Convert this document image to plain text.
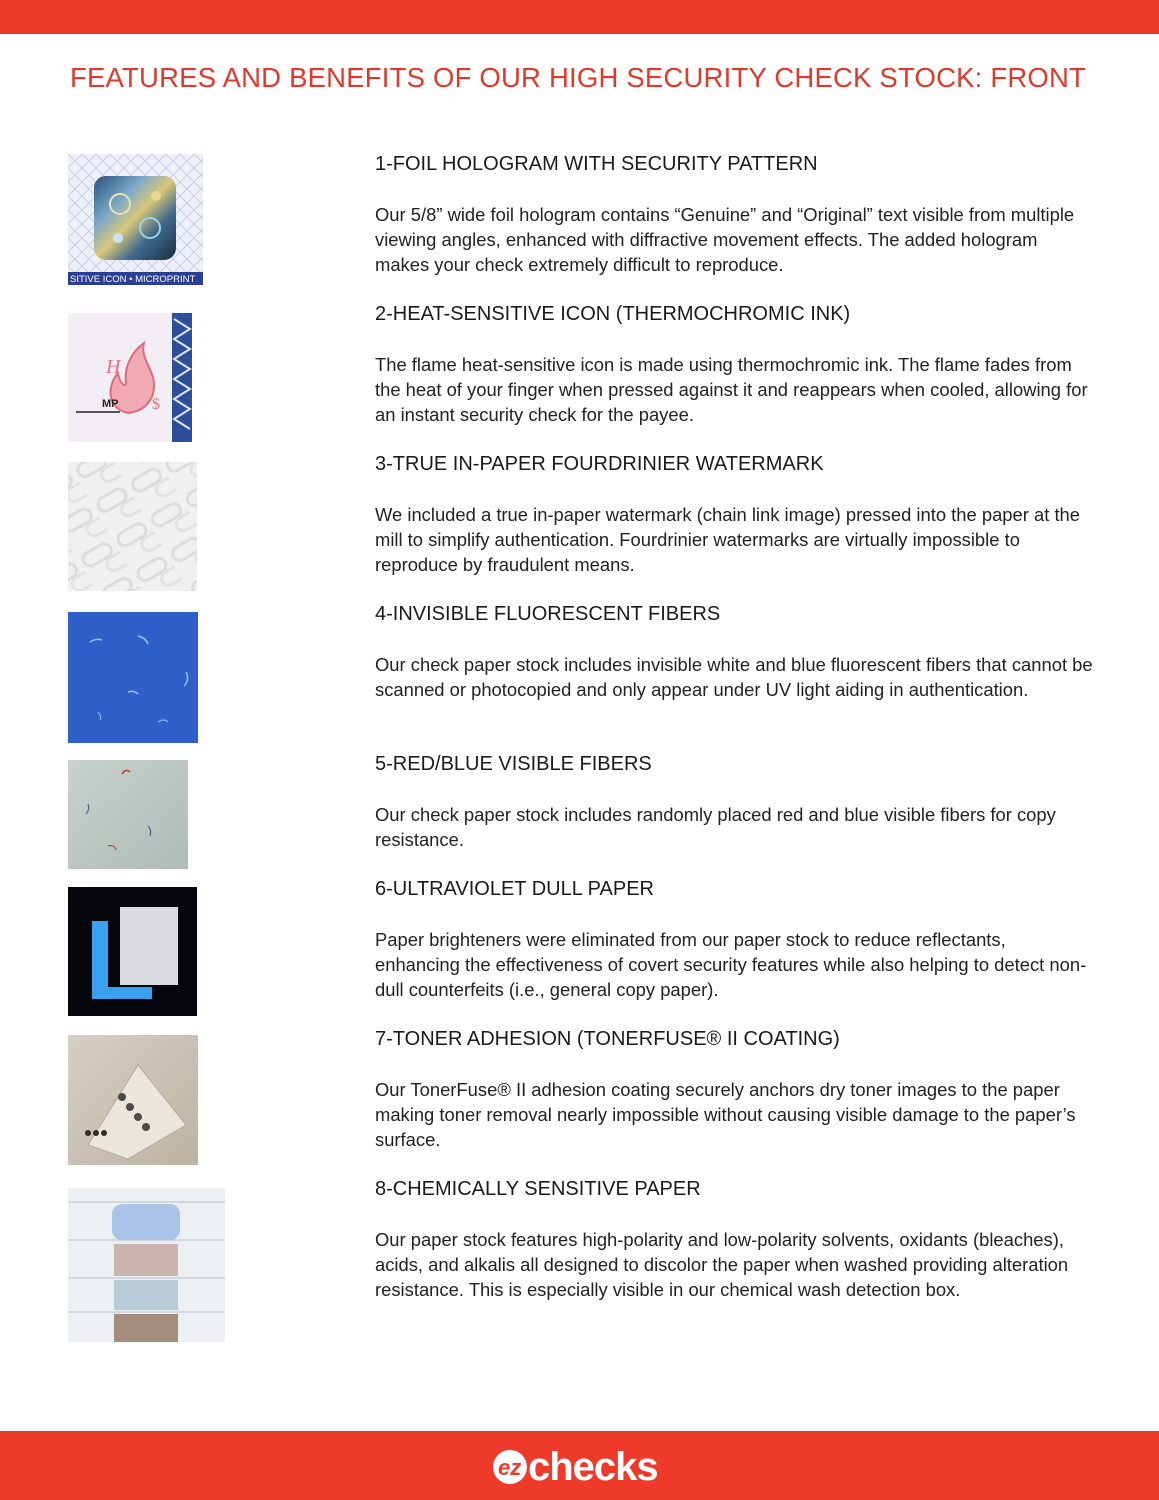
FEATURES AND BENEFITS OF OUR HIGH SECURITY CHECK STOCK: FRONT
SITIVE ICON • MICROPRINT
H
$
MP
1-FOIL HOLOGRAM WITH SECURITY PATTERN

Our 5/8” wide foil hologram contains “Genuine” and “Original” text visible from multiple viewing angles, enhanced with diffractive movement effects. The added hologram makes your check extremely difficult to reproduce.

2-HEAT-SENSITIVE ICON (THERMOCHROMIC INK)

The flame heat-sensitive icon is made using thermochromic ink. The flame fades from the heat of your finger when pressed against it and reappears when cooled, allowing for an instant security check for the payee.

3-TRUE IN-PAPER FOURDRINIER WATERMARK

We included a true in-paper watermark (chain link image) pressed into the paper at the mill to simplify authentication. Fourdrinier watermarks are virtually impossible to reproduce by fraudulent means.

4-INVISIBLE FLUORESCENT FIBERS

Our check paper stock includes invisible white and blue fluorescent fibers that cannot be scanned or photocopied and only appear under UV light aiding in authentication.

5-RED/BLUE VISIBLE FIBERS

Our check paper stock includes randomly placed red and blue visible fibers for copy resistance.

6-ULTRAVIOLET DULL PAPER

Paper brighteners were eliminated from our paper stock to reduce reflectants, enhancing the effectiveness of covert security features while also helping to detect non-dull counterfeits (i.e., general copy paper).

7-TONER ADHESION (TONERFUSE® II COATING)

Our TonerFuse® II adhesion coating securely anchors dry toner images to the paper making toner removal nearly impossible without causing visible damage to the paper’s surface.

8-CHEMICALLY SENSITIVE PAPER

Our paper stock features high-polarity and low-polarity solvents, oxidants (bleaches), acids, and alkalis all designed to discolor the paper when washed providing alteration resistance. This is especially visible in our chemical wash detection box.

ez checks
